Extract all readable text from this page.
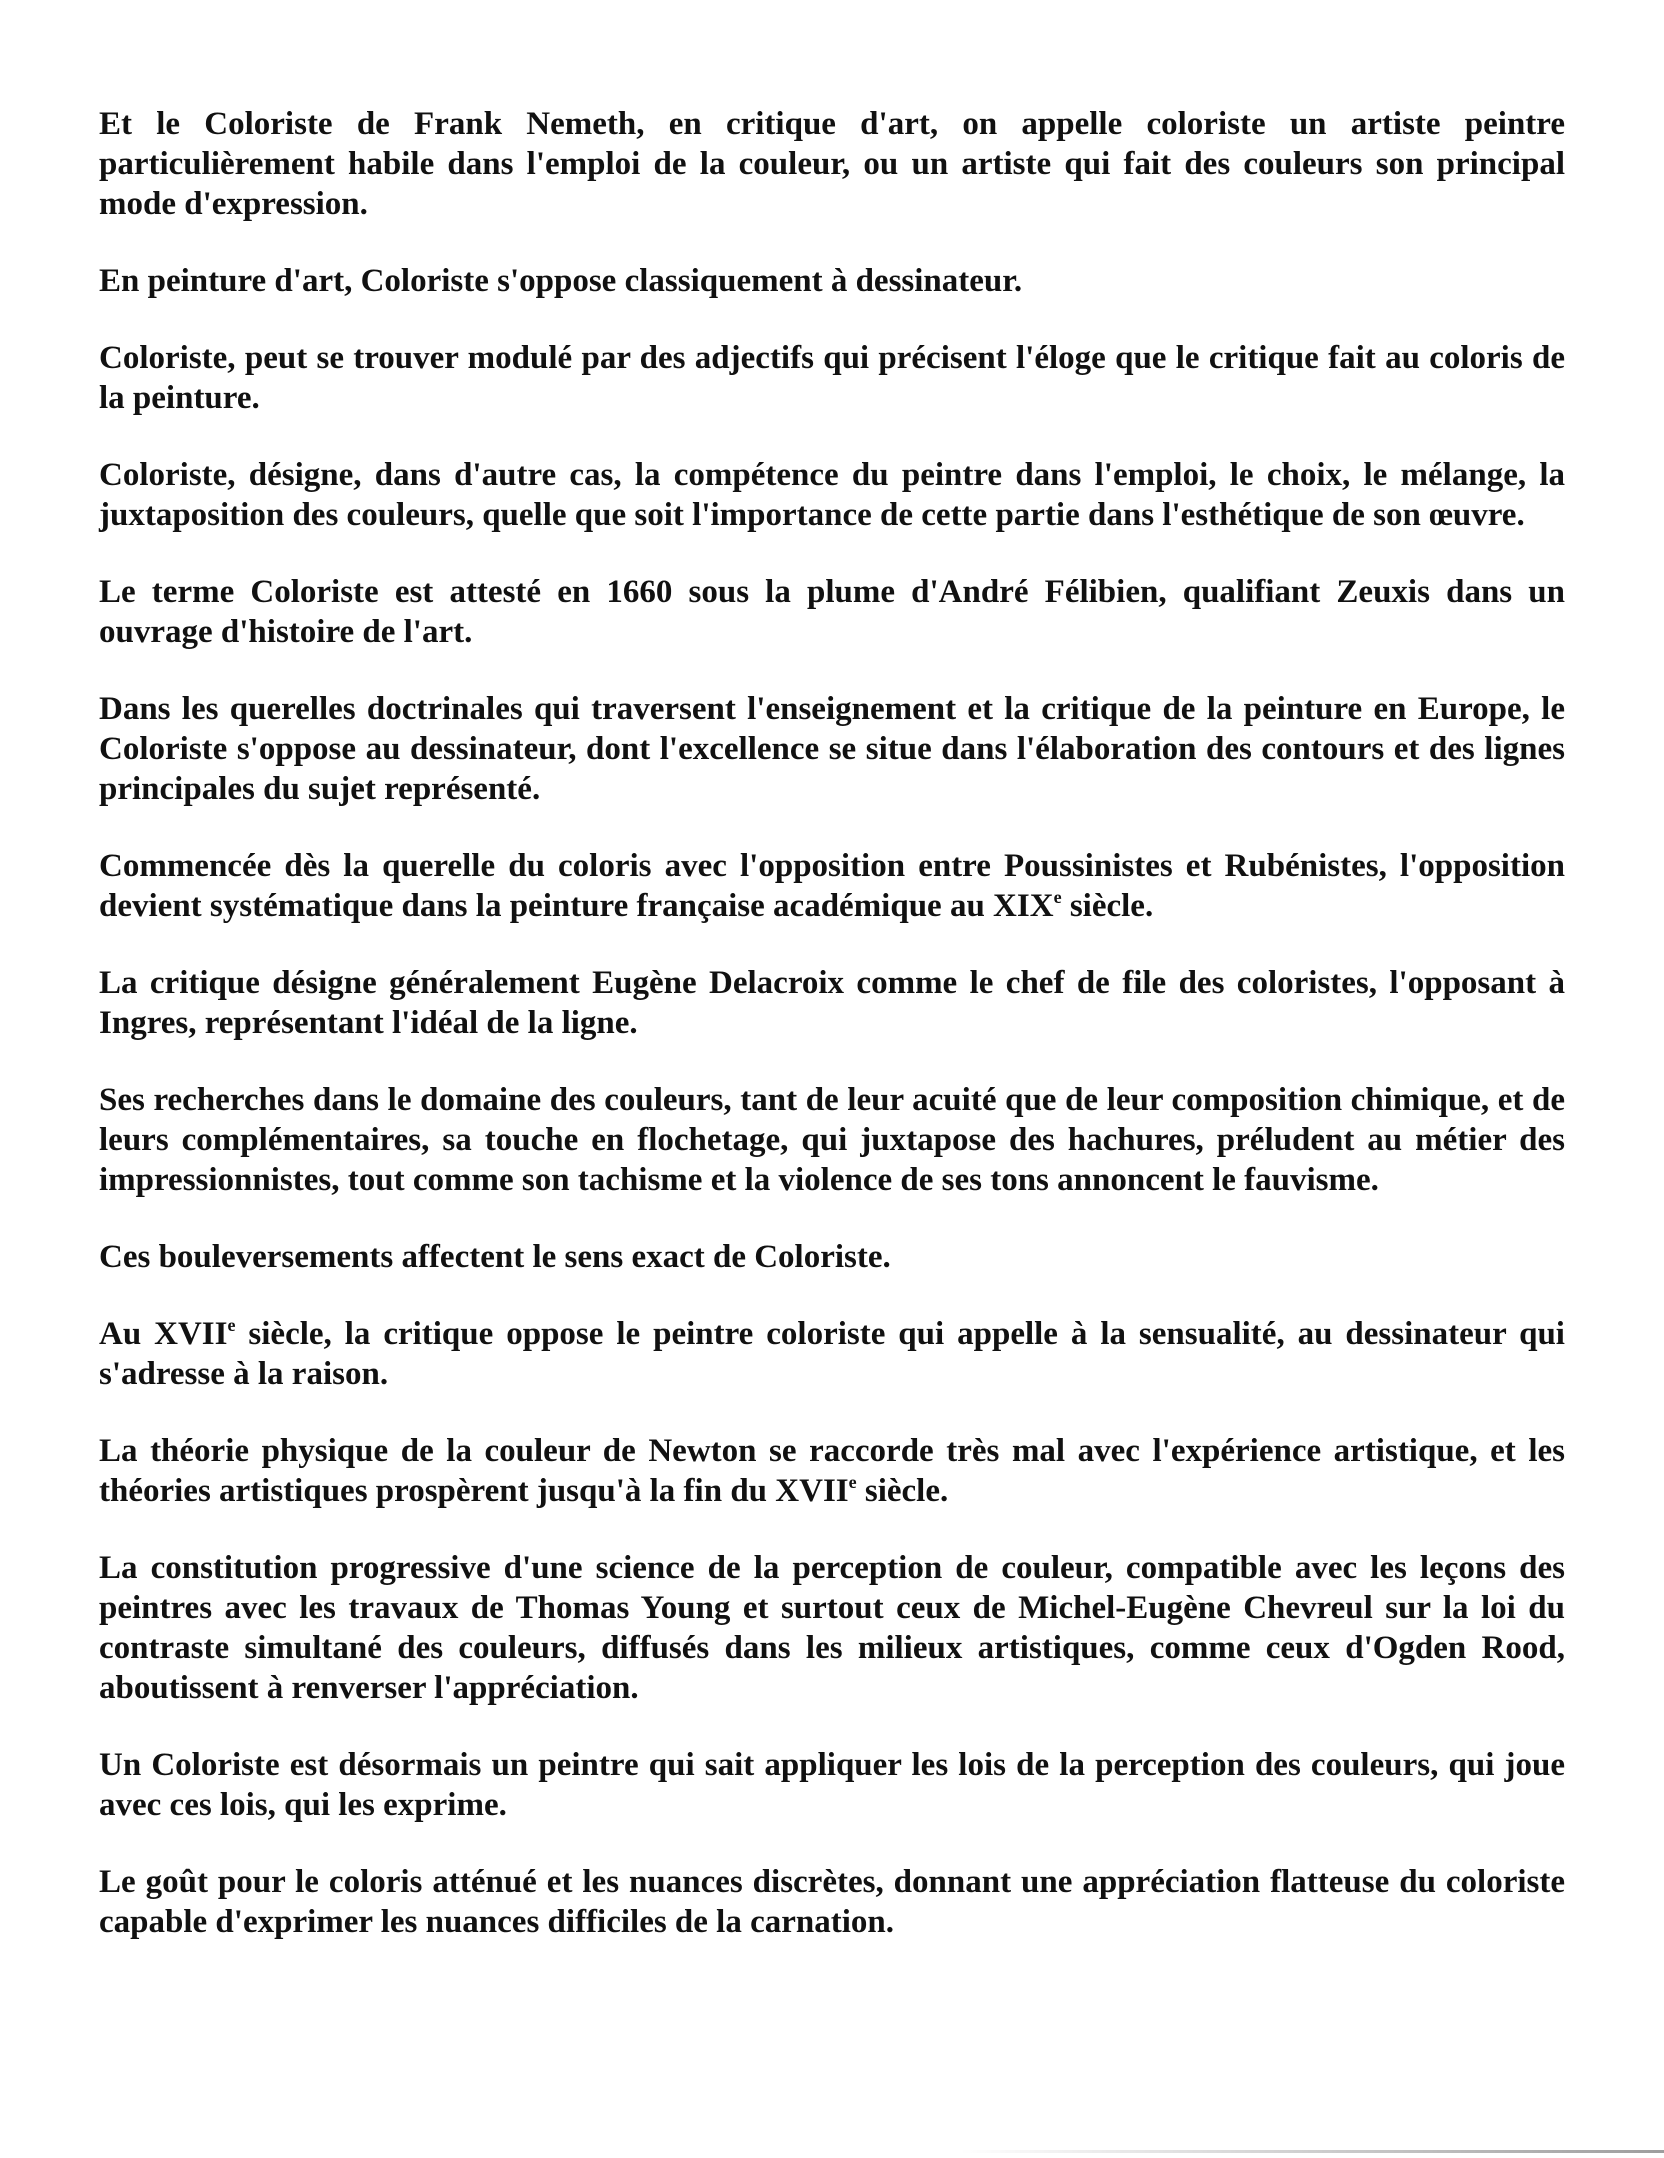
Et le Coloriste de Frank Nemeth, en critique d'art, on appelle coloriste un artiste peintre particulièrement habile dans l'emploi de la couleur, ou un artiste qui fait des couleurs son principal mode d'expression.

En peinture d'art, Coloriste s'oppose classiquement à dessinateur.

Coloriste, peut se trouver modulé par des adjectifs qui précisent l'éloge que le critique fait au coloris de la peinture.

Coloriste, désigne, dans d'autre cas, la compétence du peintre dans l'emploi, le choix, le mélange, la juxtaposition des couleurs, quelle que soit l'importance de cette partie dans l'esthétique de son œuvre.

Le terme Coloriste est attesté en 1660 sous la plume d'André Félibien, qualifiant Zeuxis dans un ouvrage d'histoire de l'art.

Dans les querelles doctrinales qui traversent l'enseignement et la critique de la peinture en Europe, le Coloriste s'oppose au dessinateur, dont l'excellence se situe dans l'élaboration des contours et des lignes principales du sujet représenté.

Commencée dès la querelle du coloris avec l'opposition entre Poussinistes et Rubénistes, l'opposition devient systématique dans la peinture française académique au XIXe siècle.

La critique désigne généralement Eugène Delacroix comme le chef de file des coloristes, l'opposant à Ingres, représentant l'idéal de la ligne.

Ses recherches dans le domaine des couleurs, tant de leur acuité que de leur composition chimique, et de leurs complémentaires, sa touche en flochetage, qui juxtapose des hachures, préludent au métier des impressionnistes, tout comme son tachisme et la violence de ses tons annoncent le fauvisme.

Ces bouleversements affectent le sens exact de Coloriste.

Au XVIIe siècle, la critique oppose le peintre coloriste qui appelle à la sensualité, au dessinateur qui s'adresse à la raison.

La théorie physique de la couleur de Newton se raccorde très mal avec l'expérience artistique, et les théories artistiques prospèrent jusqu'à la fin du XVIIe siècle.

La constitution progressive d'une science de la perception de couleur, compatible avec les leçons des peintres avec les travaux de Thomas Young et surtout ceux de Michel-Eugène Chevreul sur la loi du contraste simultané des couleurs, diffusés dans les milieux artistiques, comme ceux d'Ogden Rood, aboutissent à renverser l'appréciation.

Un Coloriste est désormais un peintre qui sait appliquer les lois de la perception des couleurs, qui joue avec ces lois, qui les exprime.

Le goût pour le coloris atténué et les nuances discrètes, donnant une appréciation flatteuse du coloriste capable d'exprimer les nuances difficiles de la carnation.
